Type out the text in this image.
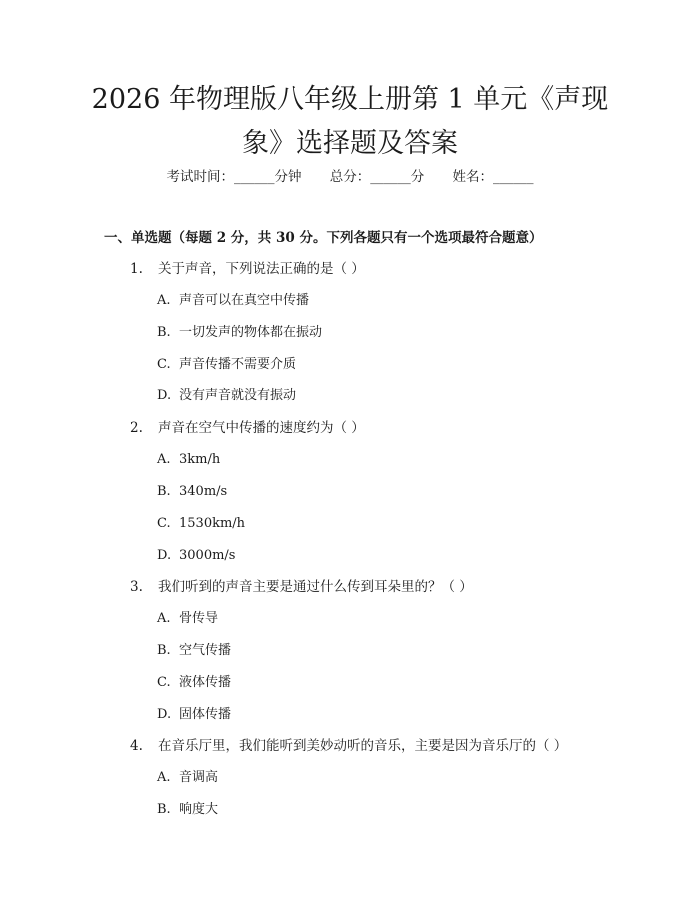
2026 年物理版八年级上册第 1 单元《声现
象》选择题及答案
考试时间：______分钟 总分：______分 姓名：______
一、单选题（每题 2 分，共 30 分。下列各题只有一个选项最符合题意）
1. 关于声音，下列说法正确的是（ ）
A. 声音可以在真空中传播
B. 一切发声的物体都在振动
C. 声音传播不需要介质
D. 没有声音就没有振动
2. 声音在空气中传播的速度约为（ ）
A. 3km/h
B. 340m/s
C. 1530km/h
D. 3000m/s
3. 我们听到的声音主要是通过什么传到耳朵里的？（ ）
A. 骨传导
B. 空气传播
C. 液体传播
D. 固体传播
4. 在音乐厅里，我们能听到美妙动听的音乐，主要是因为音乐厅的（ ）
A. 音调高
B. 响度大
